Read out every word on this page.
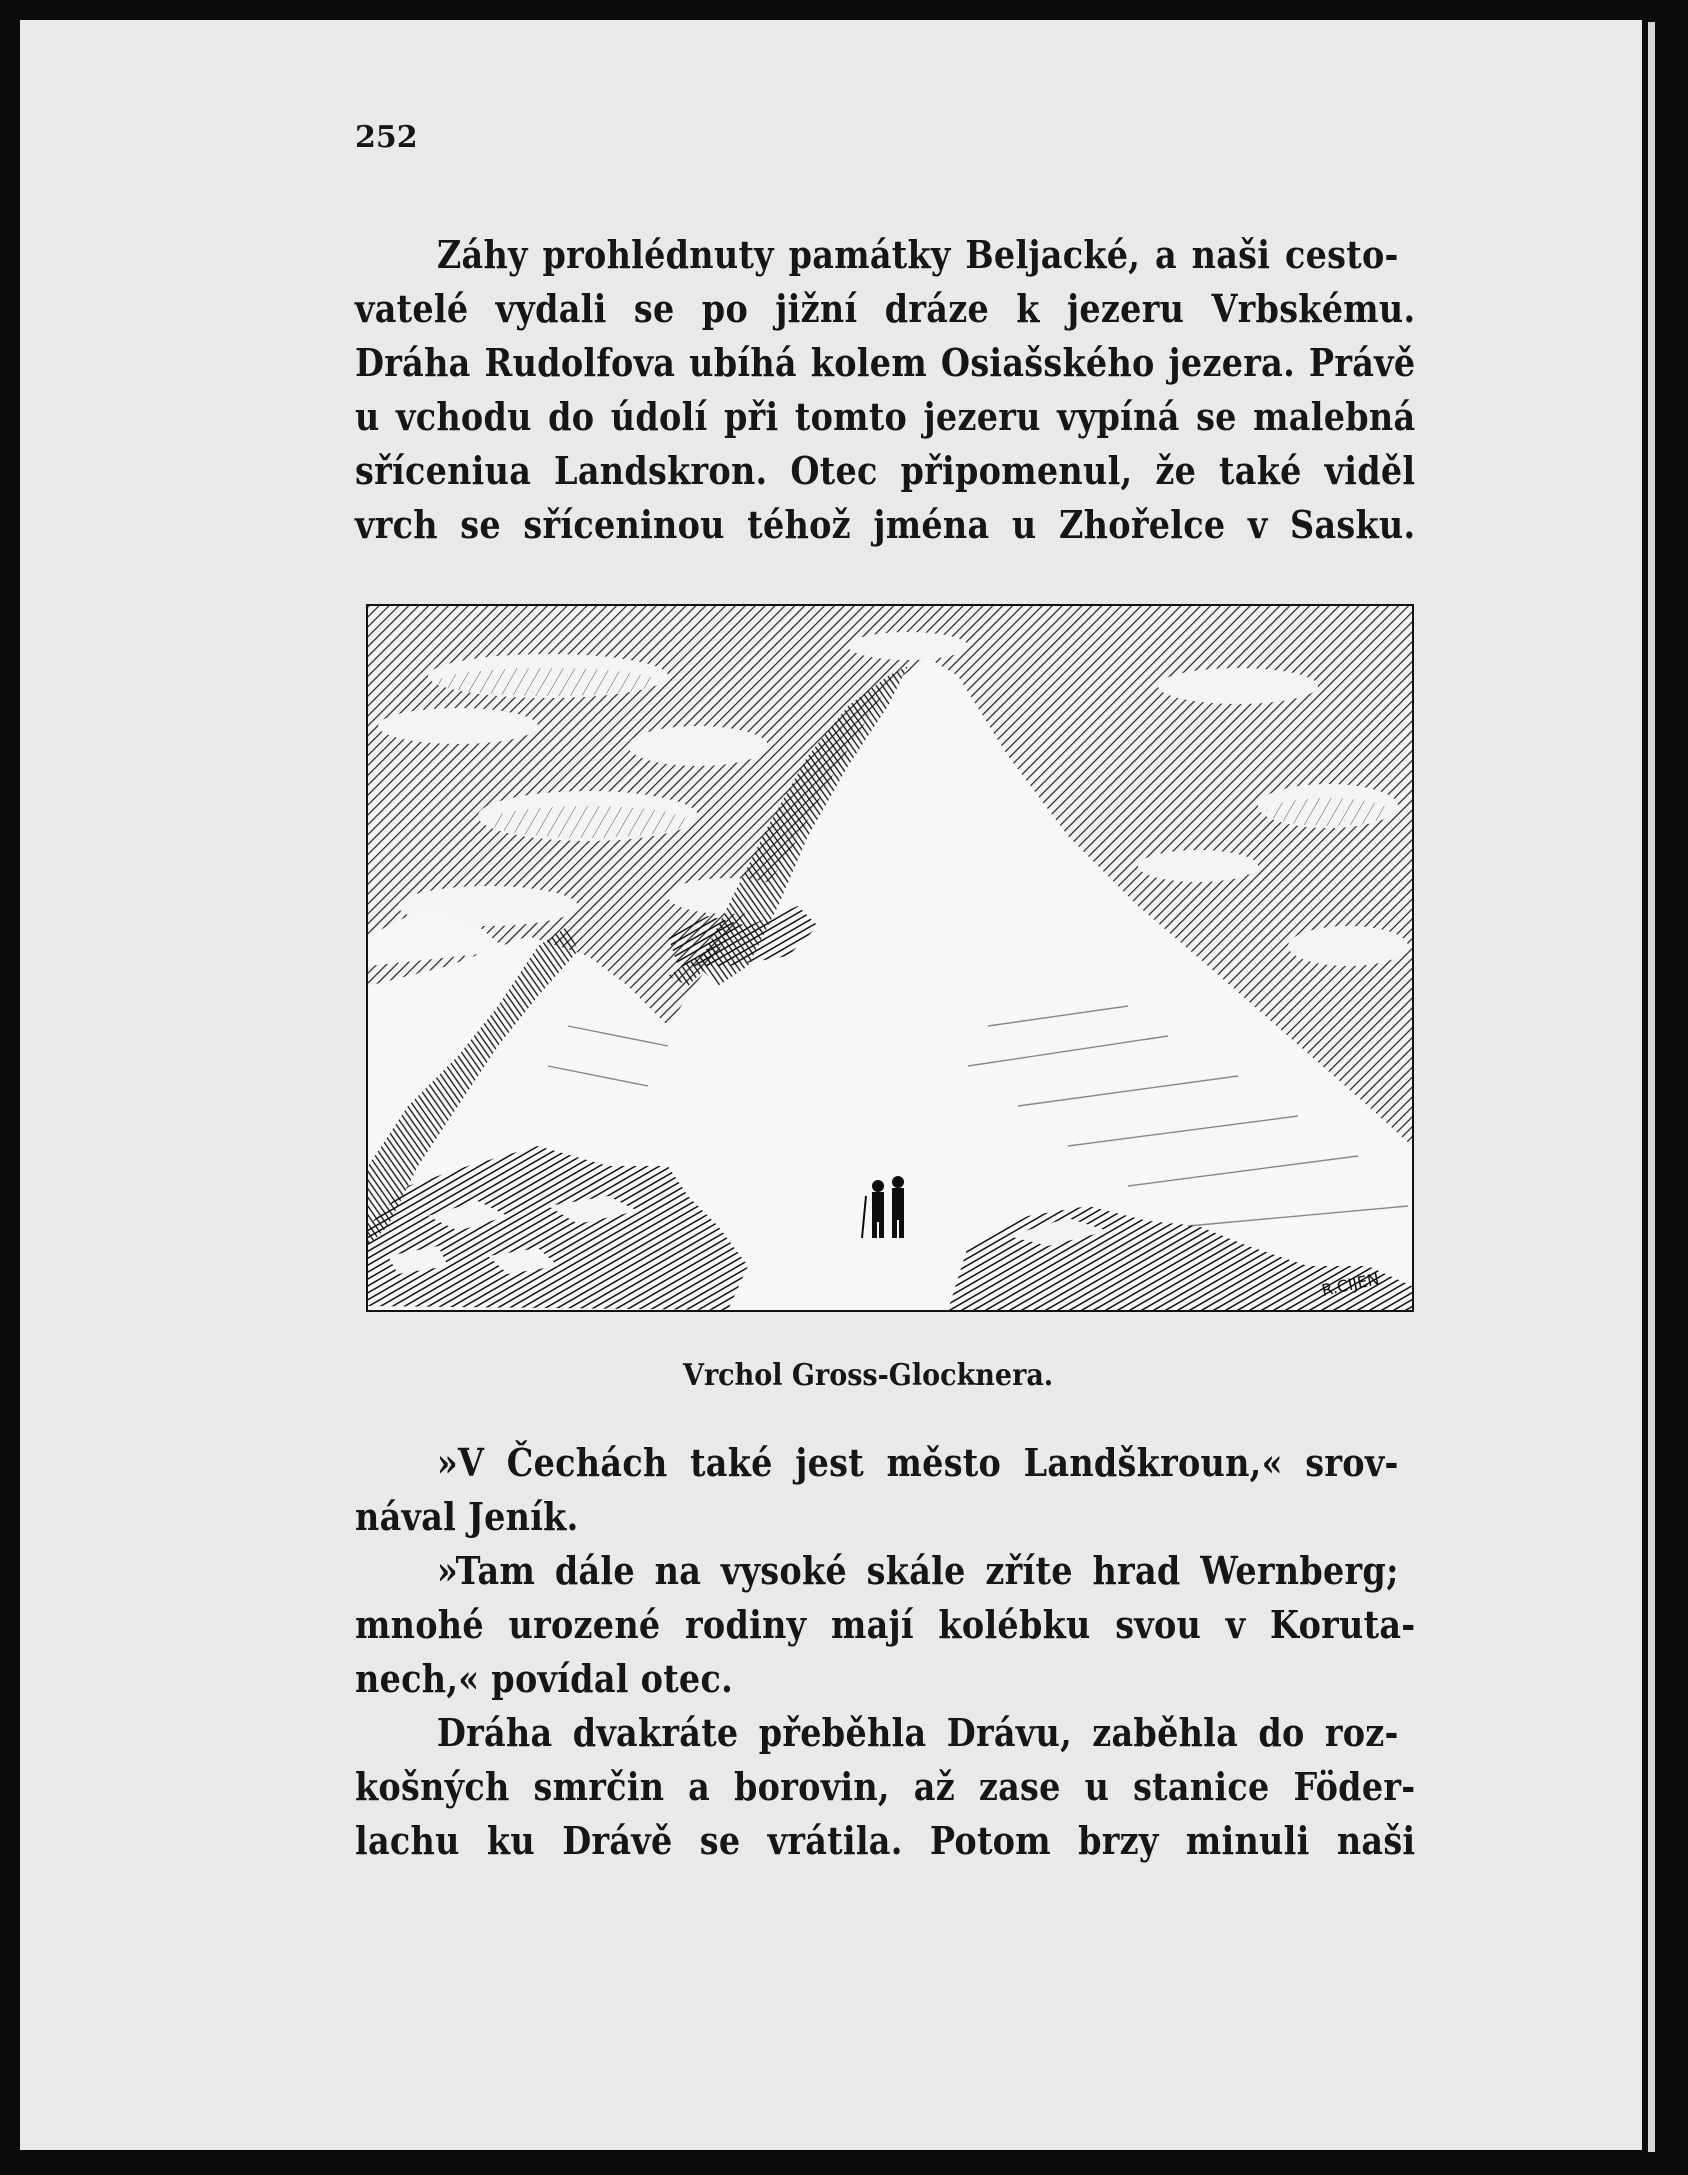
252
Záhy prohlédnuty památky Beljacké, a naši cesto-
vatelé vydali se po jižní dráze k jezeru Vrbskému.
Dráha Rudolfova ubíhá kolem Osiašského jezera. Právě
u vchodu do údolí při tomto jezeru vypíná se malebná
sříceniua Landskron. Otec připomenul, že také viděl
vrch se sříceninou téhož jména u Zhořelce v Sasku.
R.CIJEN
Vrchol Gross-Glocknera.
»V Čechách také jest město Landškroun,« srov-
nával Jeník.
»Tam dále na vysoké skále zříte hrad Wernberg;
mnohé urozené rodiny mají kolébku svou v Koruta-
nech,« povídal otec.
Dráha dvakráte přeběhla Drávu, zaběhla do roz-
košných smrčin a borovin, až zase u stanice Föder-
lachu ku Drávě se vrátila. Potom brzy minuli naši
